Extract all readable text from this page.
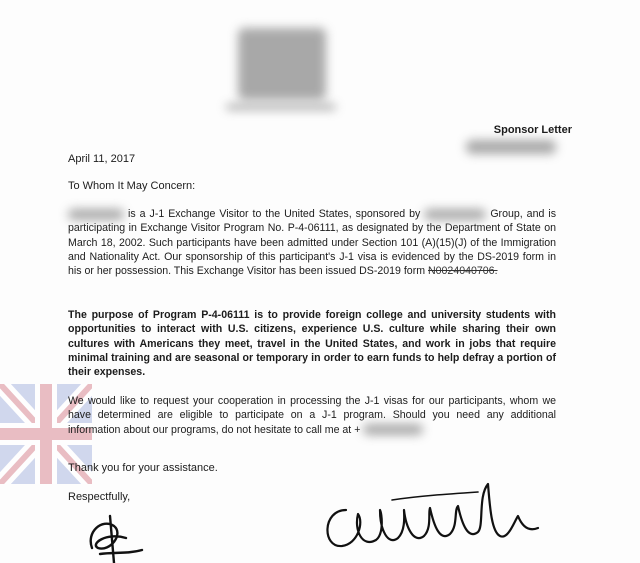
Sponsor Letter
April 11, 2017
To Whom It May Concern:
is a J-1 Exchange Visitor to the United States, sponsored by	Group, and is participating in Exchange Visitor Program No. P-4-06111, as designated by the Department of State on March 18, 2002. Such participants have been admitted under Section 101 (A)(15)(J) of the Immigration and Nationality Act. Our sponsorship of this participant's J-1 visa is evidenced by the DS-2019 form in his or her possession. This Exchange Visitor has been issued DS-2019 form N0024040706.
The purpose of Program P-4-06111 is to provide foreign college and university students with opportunities to interact with U.S. citizens, experience U.S. culture while sharing their own cultures with Americans they meet, travel in the United States, and work in jobs that require minimal training and are seasonal or temporary in order to earn funds to help defray a portion of their expenses.
We would like to request your cooperation in processing the J-1 visas for our participants, whom we have determined are eligible to participate on a J-1 program. Should you need any additional information about our programs, do not hesitate to call me at +
Thank you for your assistance.
Respectfully,
